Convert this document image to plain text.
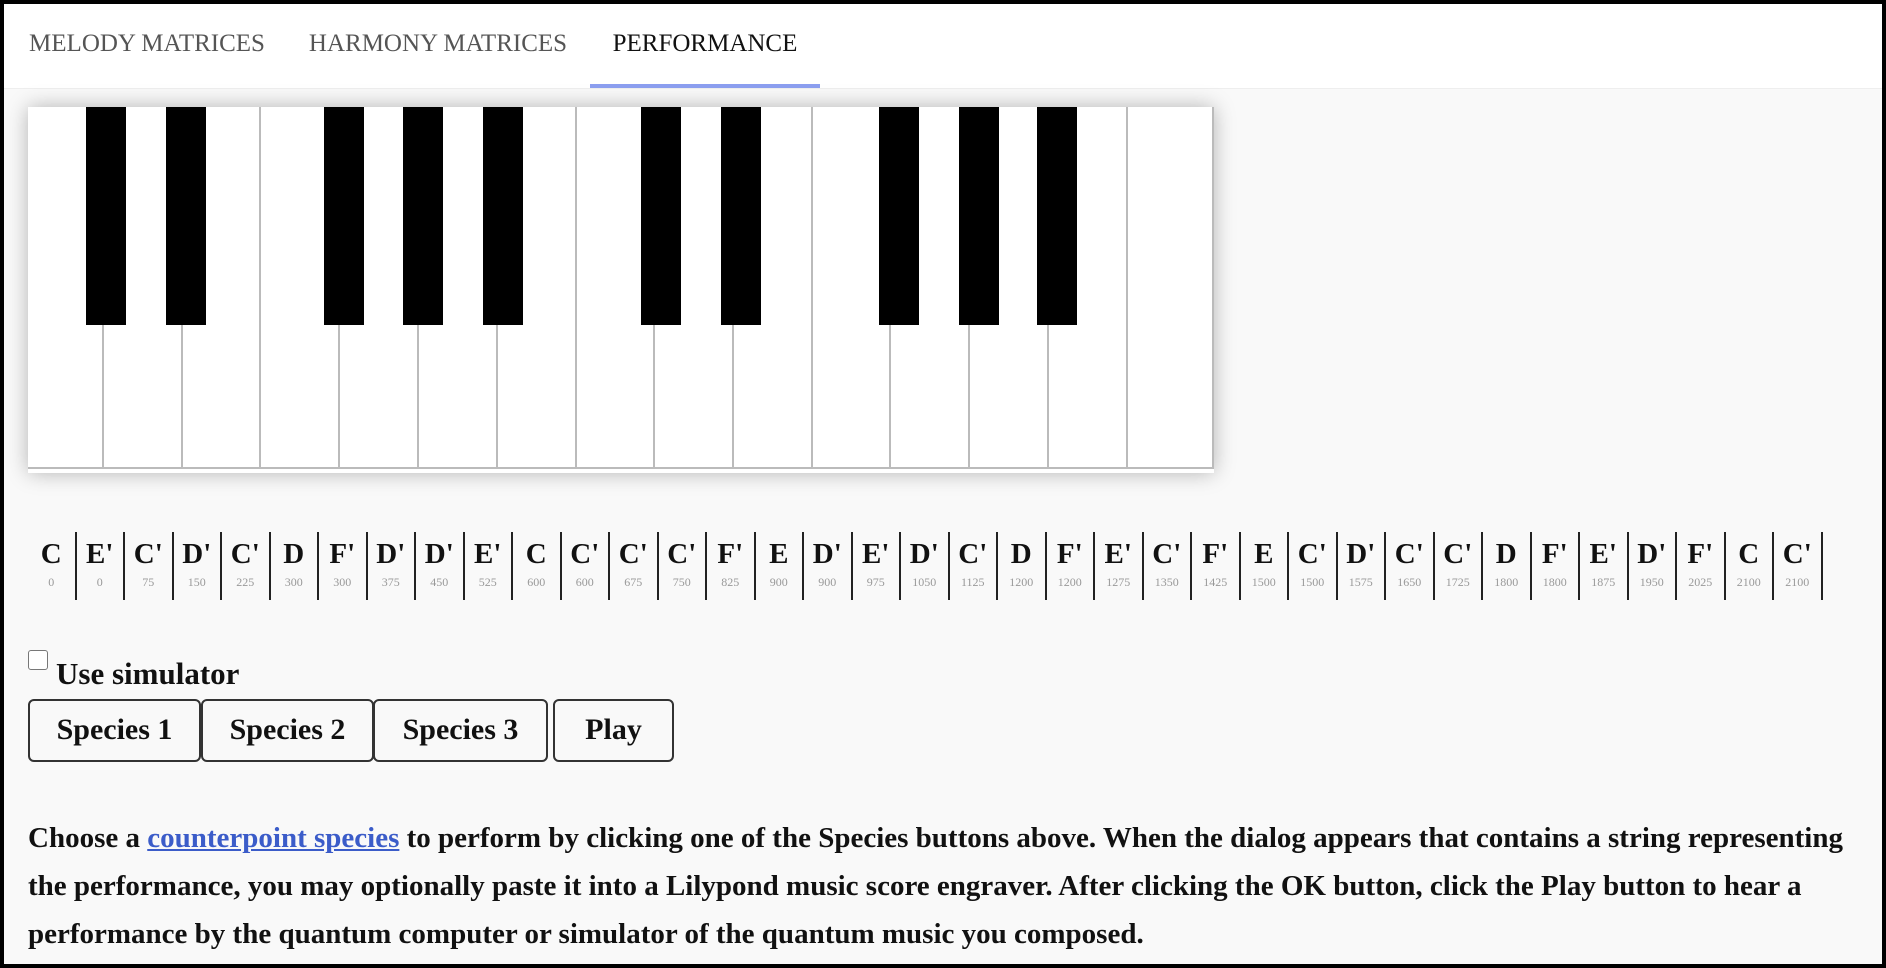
MELODY MATRICES	HARMONY MATRICES	PERFORMANCE
C
0
E'
0
C'
75
D'
150
C'
225
D
300
F'
300
D'
375
D'
450
E'
525
C
600
C'
600
C'
675
C'
750
F'
825
E
900
D'
900
E'
975
D'
1050
C'
1125
D
1200
F'
1200
E'
1275
C'
1350
F'
1425
E
1500
C'
1500
D'
1575
C'
1650
C'
1725
D
1800
F'
1800
E'
1875
D'
1950
F'
2025
C
2100
C'
2100
Use simulator
Species 1	Species 2	Species 3	Play
Choose a counterpoint species to perform by clicking one of the Species buttons above. When the dialog appears that contains a string representing the performance, you may optionally paste it into a Lilypond music score engraver. After clicking the OK button, click the Play button to hear a performance by the quantum computer or simulator of the quantum music you composed.
